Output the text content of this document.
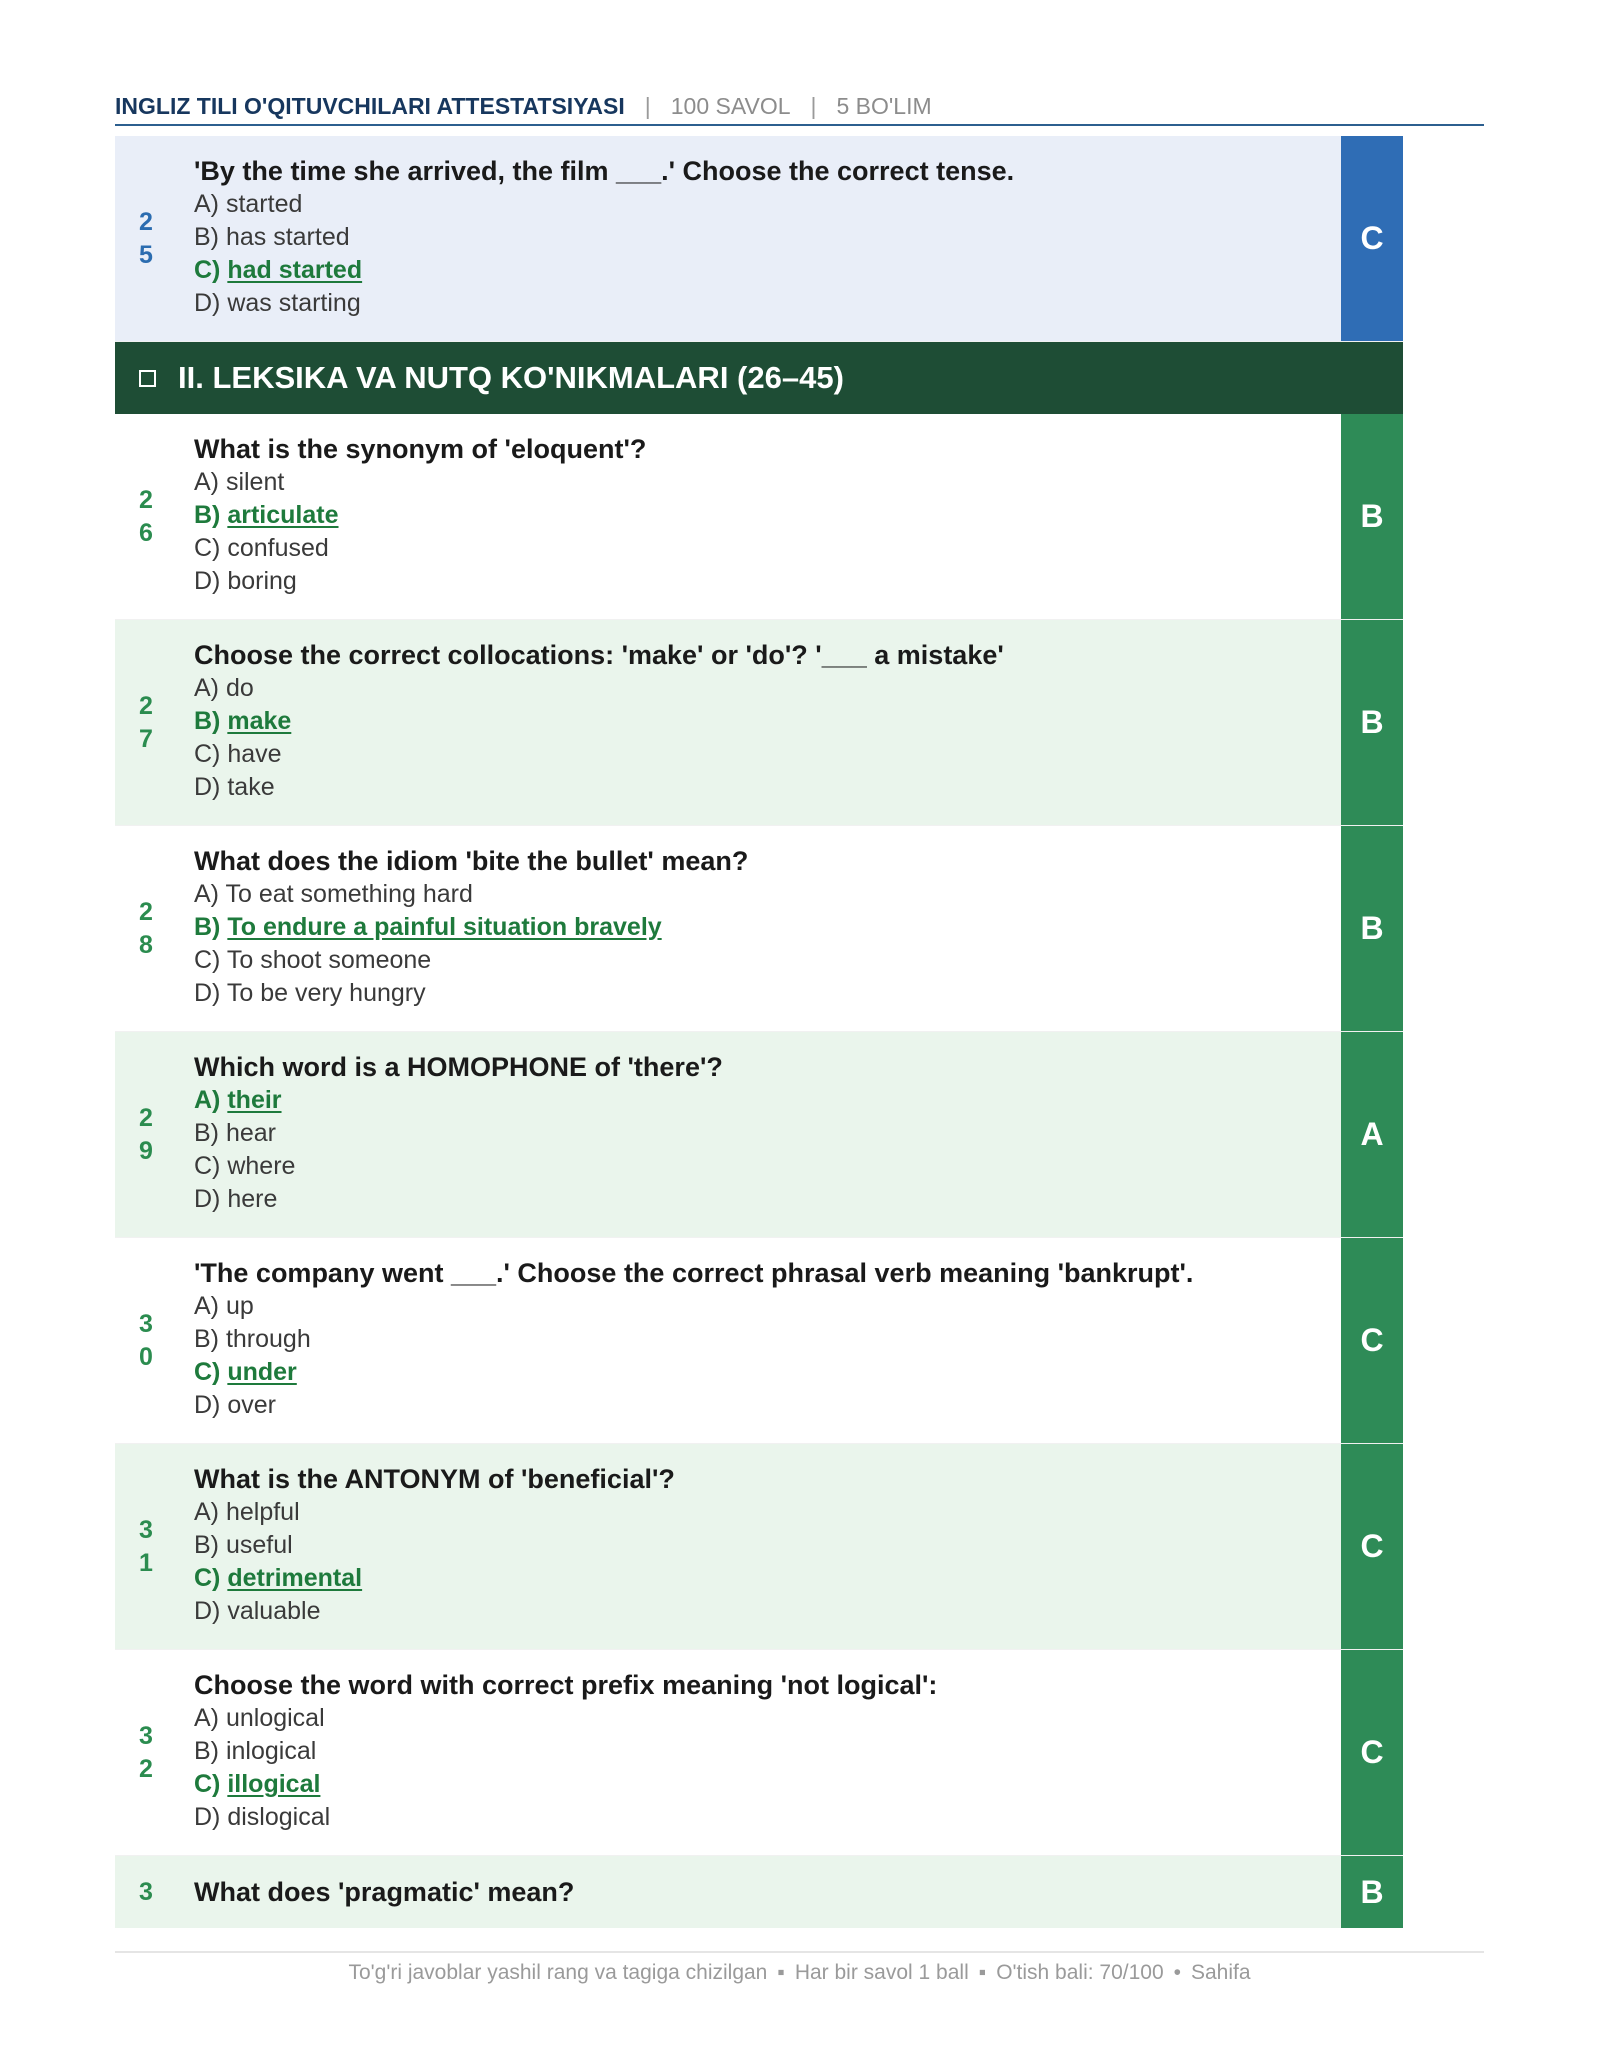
INGLIZ TILI O'QITUVCHILARI ATTESTATSIYASI | 100 SAVOL | 5 BO'LIM
2
5
'By the time she arrived, the film ___.' Choose the correct tense.
A) started
B) has started
C) had started
D) was starting
C
II. LEKSIKA VA NUTQ KO'NIKMALARI (26–45)
2
6
What is the synonym of 'eloquent'?
A) silent
B) articulate
C) confused
D) boring
B
2
7
Choose the correct collocations: 'make' or 'do'? '___ a mistake'
A) do
B) make
C) have
D) take
B
2
8
What does the idiom 'bite the bullet' mean?
A) To eat something hard
B) To endure a painful situation bravely
C) To shoot someone
D) To be very hungry
B
2
9
Which word is a HOMOPHONE of 'there'?
A) their
B) hear
C) where
D) here
A
3
0
'The company went ___.' Choose the correct phrasal verb meaning 'bankrupt'.
A) up
B) through
C) under
D) over
C
3
1
What is the ANTONYM of 'beneficial'?
A) helpful
B) useful
C) detrimental
D) valuable
C
3
2
Choose the word with correct prefix meaning 'not logical':
A) unlogical
B) inlogical
C) illogical
D) dislogical
C
3 What does 'pragmatic' mean?	B
To'g'ri javoblar yashil rang va tagiga chizilgan ▪ Har bir savol 1 ball ▪ O'tish bali: 70/100 • Sahifa
